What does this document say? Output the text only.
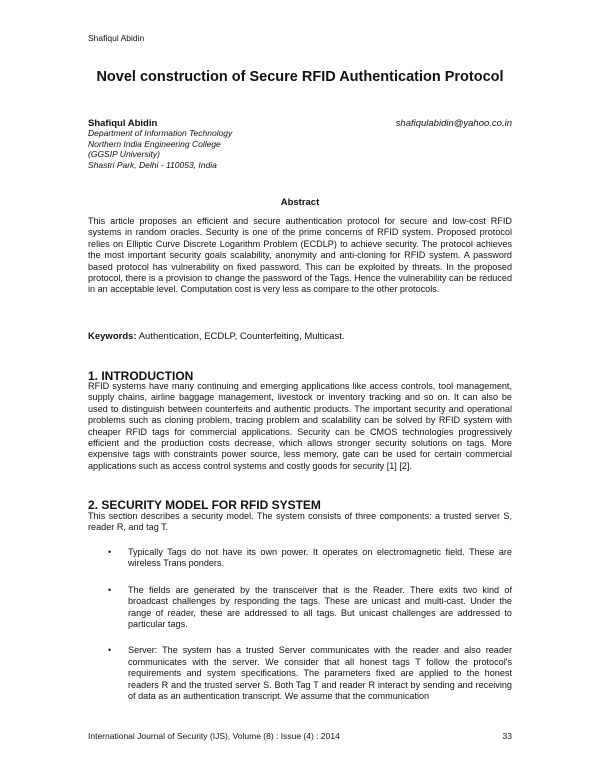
Shafiqul Abidin
Novel construction of Secure RFID Authentication Protocol
Shafiqul Abidin	shafiqulabidin@yahoo.co.in
Department of Information Technology
Northern India Engineering College
(GGSIP University)
Shastri Park, Delhi - 110053, India
Abstract
This article proposes an efficient and secure authentication protocol for secure and low-cost RFID systems in random oracles. Security is one of the prime concerns of RFID system. Proposed protocol relies on Elliptic Curve Discrete Logarithm Problem (ECDLP) to achieve security. The protocol achieves the most important security goals scalability, anonymity and anti-cloning for RFID system. A password based protocol has vulnerability on fixed password. This can be exploited by threats. In the proposed protocol, there is a provision to change the password of the Tags. Hence the vulnerability can be reduced in an acceptable level. Computation cost is very less as compare to the other protocols.
Keywords: Authentication, ECDLP, Counterfeiting, Multicast.
1. INTRODUCTION
RFID systems have many continuing and emerging applications like access controls, tool management, supply chains, airline baggage management, livestock or inventory tracking and so on. It can also be used to distinguish between counterfeits and authentic products. The important security and operational problems such as cloning problem, tracing problem and scalability can be solved by RFID system with cheaper RFID tags for commercial applications. Security can be CMOS technologies progressively efficient and the production costs decrease, which allows stronger security solutions on tags. More expensive tags with constraints power source, less memory, gate can be used for certain commercial applications such as access control systems and costly goods for security [1] [2].
2. SECURITY MODEL FOR RFID SYSTEM
This section describes a security model. The system consists of three components: a trusted server S, reader R, and tag T.
• Typically Tags do not have its own power. It operates on electromagnetic field. These are wireless Trans ponders.
• The fields are generated by the transceiver that is the Reader. There exits two kind of broadcast challenges by responding the tags. These are unicast and multi-cast. Under the range of reader, these are addressed to all tags. But unicast challenges are addressed to particular tags.
• Server: The system has a trusted Server communicates with the reader and also reader communicates with the server. We consider that all honest tags T follow the protocol's requirements and system specifications. The parameters fixed are applied to the honest readers R and the trusted server S. Both Tag T and reader R interact by sending and receiving of data as an authentication transcript. We assume that the communication
International Journal of Security (IJS), Volume (8) : Issue (4) : 2014	33
